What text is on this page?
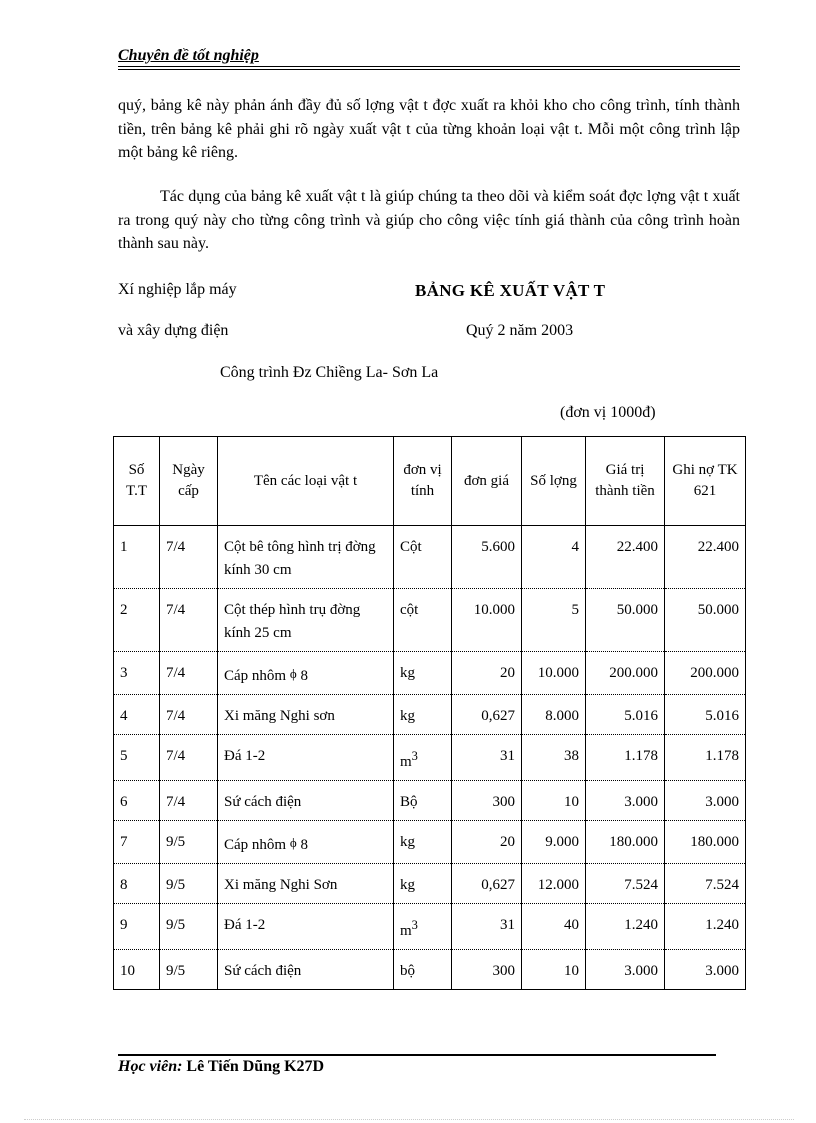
Chuyên đề tốt nghiệp
quý, bảng kê này phản ánh đầy đủ số lợng vật t đợc xuất ra khỏi kho cho công trình, tính thành tiền, trên bảng kê phải ghi rõ ngày xuất vật t của từng khoản loại vật t. Mỗi một công trình lập một bảng kê riêng.
Tác dụng của bảng kê xuất vật t là giúp chúng ta theo dõi và kiểm soát đợc lợng vật t xuất ra trong quý này cho từng công trình và giúp cho công việc tính giá thành của công trình hoàn thành sau này.
Xí nghiệp lắp máy	BẢNG KÊ XUẤT VẬT T
và xây dựng điện	Quý 2 năm 2003
Công trình Đz Chiềng La- Sơn La
(đơn vị 1000đ)
Số T.T	Ngày cấp	Tên các loại vật t	đơn vị tính	đơn giá	Số lợng	Giá trị thành tiền	Ghi nợ TK 621
1	7/4	Cột bê tông hình trị đờng kính 30 cm	Cột	5.600	4	22.400	22.400
2	7/4	Cột thép hình trụ đờng kính 25 cm	cột	10.000	5	50.000	50.000
3	7/4	Cáp nhôm ϕ 8	kg	20	10.000	200.000	200.000
4	7/4	Xi măng Nghi sơn	kg	0,627	8.000	5.016	5.016
5	7/4	Đá 1-2	$m^3$	31	38	1.178	1.178
6	7/4	Sứ cách điện	Bộ	300	10	3.000	3.000
7	9/5	Cáp nhôm ϕ 8	kg	20	9.000	180.000	180.000
8	9/5	Xi măng Nghi Sơn	kg	0,627	12.000	7.524	7.524
9	9/5	Đá 1-2	$m^3$	31	40	1.240	1.240
10	9/5	Sứ cách điện	bộ	300	10	3.000	3.000
Học viên: Lê Tiến Dũng K27D
